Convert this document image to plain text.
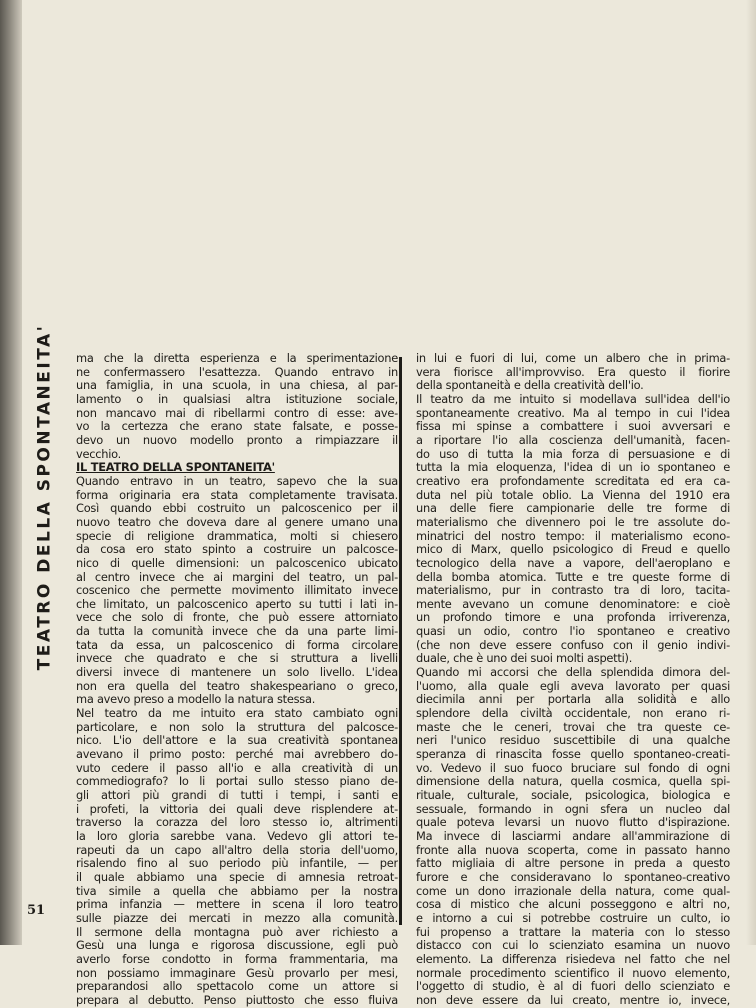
TEATRO DELLA SPONTANEITA' ma che la diretta esperienza e la sperimentazione
ne confermassero l'esattezza. Quando entravo in
una famiglia, in una scuola, in una chiesa, al par-
lamento o in qualsiasi altra istituzione sociale,
non mancavo mai di ribellarmi contro di esse: ave-
vo la certezza che erano state falsate, e posse-
devo un nuovo modello pronto a rimpiazzare il
vecchio.
IL TEATRO DELLA SPONTANEITA'
Quando entravo in un teatro, sapevo che la sua
forma originaria era stata completamente travisata.
Così quando ebbi costruito un palcoscenico per il
nuovo teatro che doveva dare al genere umano una
specie di religione drammatica, molti si chiesero
da cosa ero stato spinto a costruire un palcosce-
nico di quelle dimensioni: un palcoscenico ubicato
al centro invece che ai margini del teatro, un pal-
coscenico che permette movimento illimitato invece
che limitato, un palcoscenico aperto su tutti i lati in-
vece che solo di fronte, che può essere attorniato
da tutta la comunità invece che da una parte limi-
tata da essa, un palcoscenico di forma circolare
invece che quadrato e che si struttura a livelli
diversi invece di mantenere un solo livello. L'idea
non era quella del teatro shakespeariano o greco,
ma avevo preso a modello la natura stessa.
Nel teatro da me intuito era stato cambiato ogni
particolare, e non solo la struttura del palcosce-
nico. L'io dell'attore e la sua creatività spontanea
avevano il primo posto: perché mai avrebbero do-
vuto cedere il passo all'io e alla creatività di un
commediografo? Io li portai sullo stesso piano de-
gli attori più grandi di tutti i tempi, i santi e
i profeti, la vittoria dei quali deve risplendere at-
traverso la corazza del loro stesso io, altrimenti
la loro gloria sarebbe vana. Vedevo gli attori te-
rapeuti da un capo all'altro della storia dell'uomo,
risalendo fino al suo periodo più infantile, — per
il quale abbiamo una specie di amnesia retroat-
tiva simile a quella che abbiamo per la nostra
prima infanzia — mettere in scena il loro teatro
sulle piazze dei mercati in mezzo alla comunità.
Il sermone della montagna può aver richiesto a
Gesù una lunga e rigorosa discussione, egli può
averlo forse condotto in forma frammentaria, ma
non possiamo immaginare Gesù provarlo per mesi,
preparandosi allo spettacolo come un attore si
prepara al debutto. Penso piuttosto che esso fluiva
in lui e fuori di lui, come un albero che in prima-
vera fiorisce all'improvviso. Era questo il fiorire
della spontaneità e della creatività dell'io.
Il teatro da me intuito si modellava sull'idea dell'io
spontaneamente creativo. Ma al tempo in cui l'idea
fissa mi spinse a combattere i suoi avversari e
a riportare l'io alla coscienza dell'umanità, facen-
do uso di tutta la mia forza di persuasione e di
tutta la mia eloquenza, l'idea di un io spontaneo e
creativo era profondamente screditata ed era ca-
duta nel più totale oblio. La Vienna del 1910 era
una delle fiere campionarie delle tre forme di
materialismo che divennero poi le tre assolute do-
minatrici del nostro tempo: il materialismo econo-
mico di Marx, quello psicologico di Freud e quello
tecnologico della nave a vapore, dell'aeroplano e
della bomba atomica. Tutte e tre queste forme di
materialismo, pur in contrasto tra di loro, tacita-
mente avevano un comune denominatore: e cioè
un profondo timore e una profonda irriverenza,
quasi un odio, contro l'io spontaneo e creativo
(che non deve essere confuso con il genio indivi-
duale, che è uno dei suoi molti aspetti).
Quando mi accorsi che della splendida dimora del-
l'uomo, alla quale egli aveva lavorato per quasi
diecimila anni per portarla alla solidità e allo
splendore della civiltà occidentale, non erano ri-
maste che le ceneri, trovai che tra queste ce-
neri l'unico residuo suscettibile di una qualche
speranza di rinascita fosse quello spontaneo-creati-
vo. Vedevo il suo fuoco bruciare sul fondo di ogni
dimensione della natura, quella cosmica, quella spi-
rituale, culturale, sociale, psicologica, biologica e
sessuale, formando in ogni sfera un nucleo dal
quale poteva levarsi un nuovo flutto d'ispirazione.
Ma invece di lasciarmi andare all'ammirazione di
fronte alla nuova scoperta, come in passato hanno
fatto migliaia di altre persone in preda a questo
furore e che consideravano lo spontaneo-creativo
come un dono irrazionale della natura, come qual-
cosa di mistico che alcuni posseggono e altri no,
e intorno a cui si potrebbe costruire un culto, io
fui propenso a trattare la materia con lo stesso
distacco con cui lo scienziato esamina un nuovo
elemento. La differenza risiedeva nel fatto che nel
normale procedimento scientifico il nuovo elemento,
l'oggetto di studio, è al di fuori dello scienziato e
non deve essere da lui creato, mentre io, invece,
51
